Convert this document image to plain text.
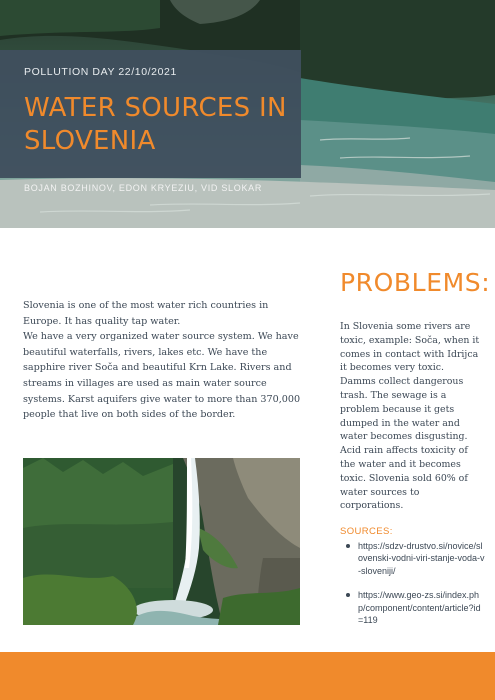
POLLUTION DAY 22/10/2021
WATER SOURCES IN SLOVENIA
BOJAN BOZHINOV, EDON KRYEZIU, VID SLOKAR

Slovenia is one of the most water rich countries in Europe. It has quality tap water.

We have a very organized water source system. We have beautiful waterfalls, rivers, lakes etc. We have the sapphire river Soča and beautiful Krn Lake. Rivers and streams in villages are used as main water source systems. Karst aquifers give water to more than 370,000 people that live on both sides of the border.

PROBLEMS:
In Slovenia some rivers are toxic, example: Soča, when it comes in contact with Idrijca it becomes very toxic. Damms collect dangerous trash. The sewage is a problem because it gets dumped in the water and water becomes disgusting. Acid rain affects toxicity of the water and it becomes toxic. Slovenia sold 60% of water sources to corporations.
SOURCES:
https://sdzv-drustvo.si/novice/slovenski-vodni-viri-stanje-voda-v-sloveniji/
https://www.geo-zs.si/index.php/component/content/article?id=119
